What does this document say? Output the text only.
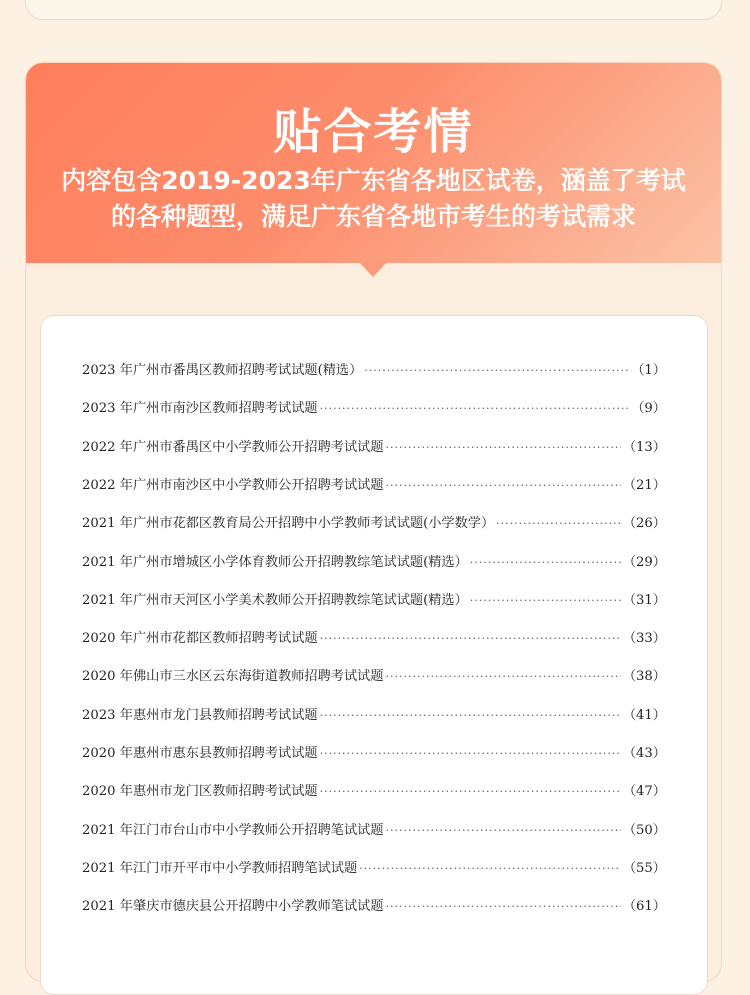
贴合考情
内容包含2019-2023年广东省各地区试卷，涵盖了考试
的各种题型，满足广东省各地市考生的考试需求
2023 年广州市番禺区教师招聘考试试题(精选） ·····	（1）
2023 年广州市南沙区教师招聘考试试题 ·····	（9）
2022 年广州市番禺区中小学教师公开招聘考试试题 ·····	（13）
2022 年广州市南沙区中小学教师公开招聘考试试题 ·····	（21）
2021 年广州市花都区教育局公开招聘中小学教师考试试题(小学数学） ·····	（26）
2021 年广州市增城区小学体育教师公开招聘教综笔试试题(精选） ·····	（29）
2021 年广州市天河区小学美术教师公开招聘教综笔试试题(精选） ·····	（31）
2020 年广州市花都区教师招聘考试试题 ·····	（33）
2020 年佛山市三水区云东海街道教师招聘考试试题 ·····	（38）
2023 年惠州市龙门县教师招聘考试试题 ·····	（41）
2020 年惠州市惠东县教师招聘考试试题 ·····	（43）
2020 年惠州市龙门区教师招聘考试试题 ·····	（47）
2021 年江门市台山市中小学教师公开招聘笔试试题 ·····	（50）
2021 年江门市开平市中小学教师招聘笔试试题 ·····	（55）
2021 年肇庆市德庆县公开招聘中小学教师笔试试题 ·····	（61）
